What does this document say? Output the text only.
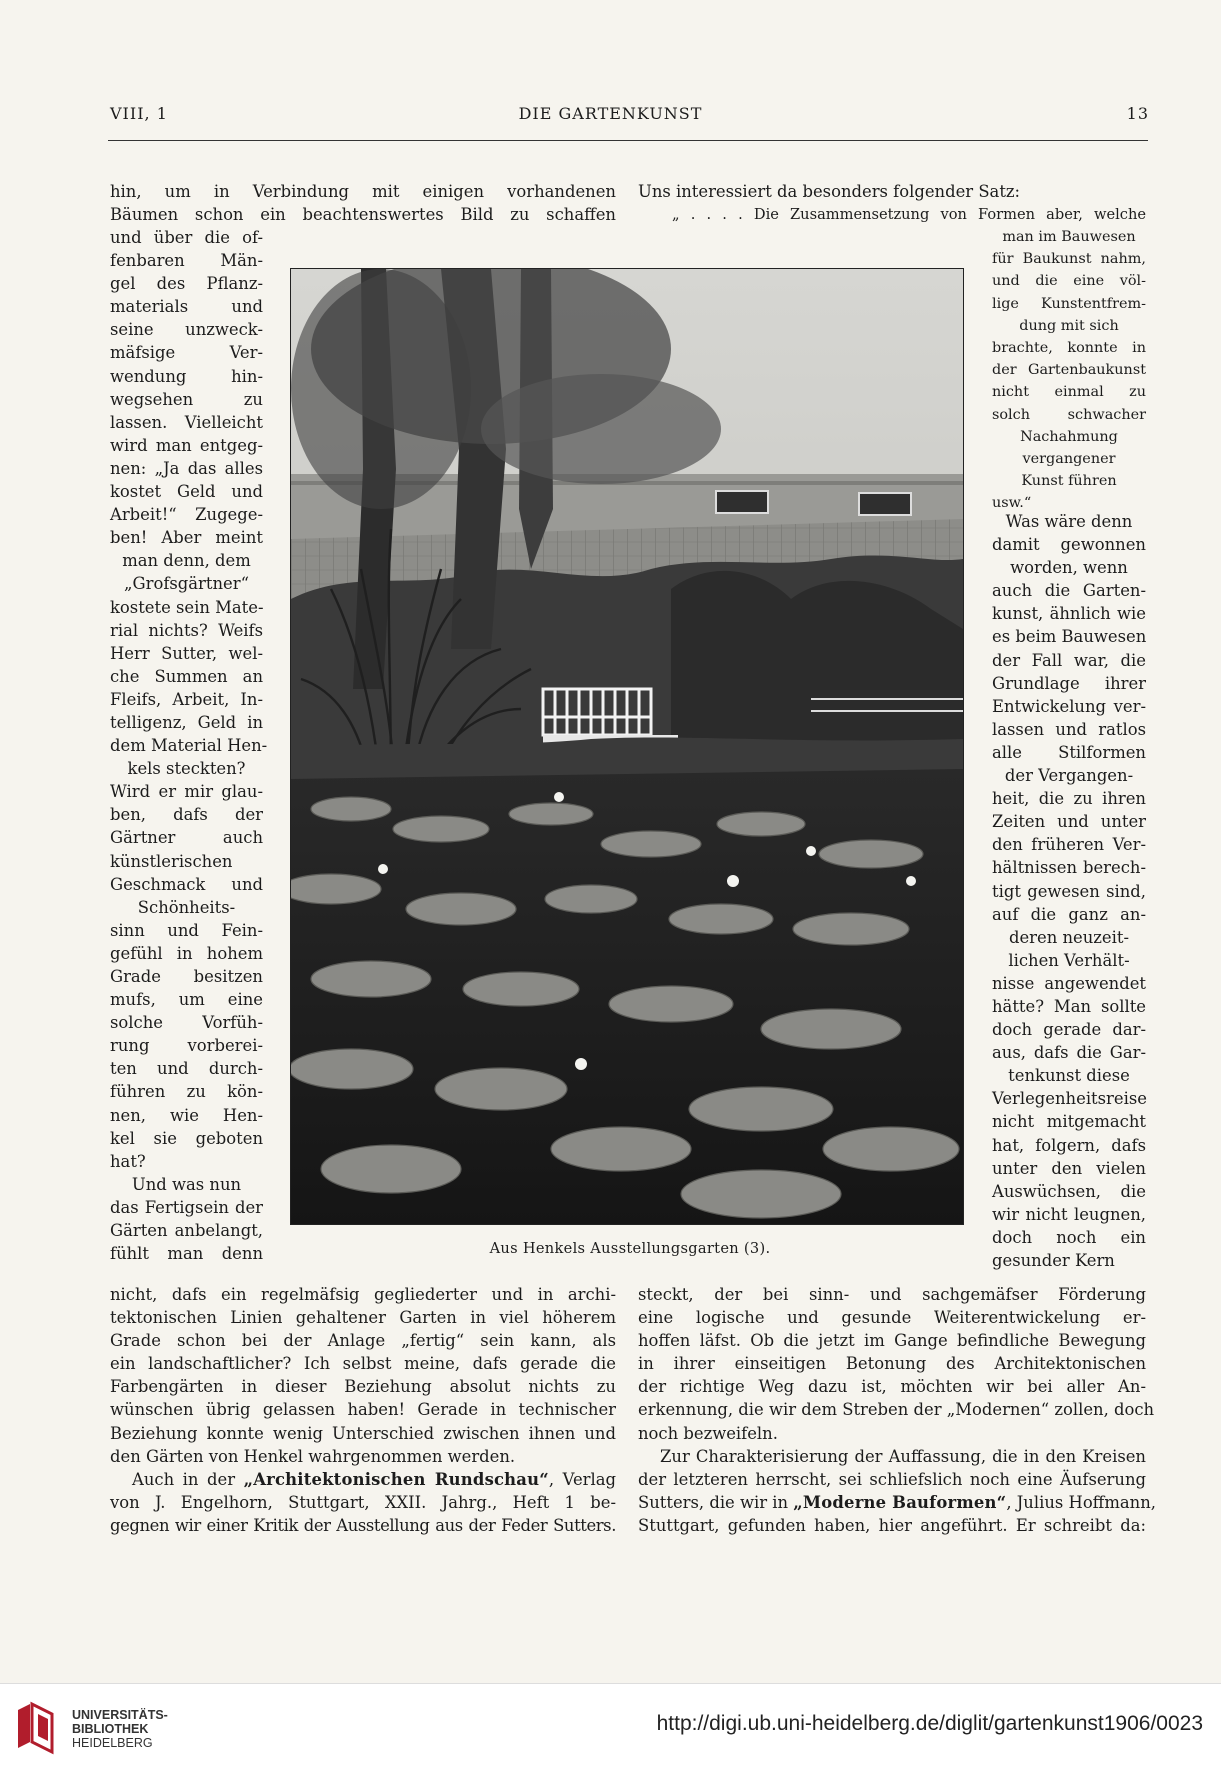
VIII, 1	DIE GARTENKUNST	13
hin, um in Verbindung mit einigen vorhandenen
Bäumen schon ein beachtenswertes Bild zu schaffen
und über die of-
fenbaren Män-
gel des Pflanz-
materials und
seine unzweck-
mäfsige Ver-
wendung hin-
wegsehen zu
lassen. Vielleicht
wird man entgeg-
nen: „Ja das alles
kostet Geld und
Arbeit!“ Zugege-
ben! Aber meint
man denn, dem
„Grofsgärtner“
kostete sein Mate-
rial nichts? Weifs
Herr Sutter, wel-
che Summen an
Fleifs, Arbeit, In-
telligenz, Geld in
dem Material Hen-
kels steckten?
Wird er mir glau-
ben, dafs der
Gärtner auch
künstlerischen
Geschmack und
Schönheits-
sinn und Fein-
gefühl in hohem
Grade besitzen
mufs, um eine
solche Vorfüh-
rung vorberei-
ten und durch-
führen zu kön-
nen, wie Hen-
kel sie geboten
hat?
Und was nun
das Fertigsein der
Gärten anbelangt,
fühlt man denn
nicht, dafs ein regelmäfsig gegliederter und in archi-
tektonischen Linien gehaltener Garten in viel höherem
Grade schon bei der Anlage „fertig“ sein kann, als
ein landschaftlicher? Ich selbst meine, dafs gerade die
Farbengärten in dieser Beziehung absolut nichts zu
wünschen übrig gelassen haben! Gerade in technischer
Beziehung konnte wenig Unterschied zwischen ihnen und
den Gärten von Henkel wahrgenommen werden.
Auch in der „Architektonischen Rundschau“, Verlag
von J. Engelhorn, Stuttgart, XXII. Jahrg., Heft 1 be-
gegnen wir einer Kritik der Ausstellung aus der Feder Sutters.
Uns interessiert da besonders folgender Satz:
„ . . . . Die Zusammensetzung von Formen aber, welche
man im Bauwesen
für Baukunst nahm,
und die eine völ-
lige Kunstentfrem-
dung mit sich
brachte, konnte in
der Gartenbaukunst
nicht einmal zu
solch schwacher
Nachahmung
vergangener
Kunst führen
usw.“
Was wäre denn
damit gewonnen
worden, wenn
auch die Garten-
kunst, ähnlich wie
es beim Bauwesen
der Fall war, die
Grundlage ihrer
Entwickelung ver-
lassen und ratlos
alle Stilformen
der Vergangen-
heit, die zu ihren
Zeiten und unter
den früheren Ver-
hältnissen berech-
tigt gewesen sind,
auf die ganz an-
deren neuzeit-
lichen Verhält-
nisse angewendet
hätte? Man sollte
doch gerade dar-
aus, dafs die Gar-
tenkunst diese
Verlegenheitsreise
nicht mitgemacht
hat, folgern, dafs
unter den vielen
Auswüchsen, die
wir nicht leugnen,
doch noch ein
gesunder Kern
steckt, der bei sinn- und sachgemäfser Förderung
eine logische und gesunde Weiterentwickelung er-
hoffen läfst. Ob die jetzt im Gange befindliche Bewegung
in ihrer einseitigen Betonung des Architektonischen
der richtige Weg dazu ist, möchten wir bei aller An-
erkennung, die wir dem Streben der „Modernen“ zollen, doch
noch bezweifeln.
Zur Charakterisierung der Auffassung, die in den Kreisen
der letzteren herrscht, sei schliefslich noch eine Äufserung
Sutters, die wir in „Moderne Bauformen“, Julius Hoffmann,
Stuttgart, gefunden haben, hier angeführt. Er schreibt da:
Aus Henkels Ausstellungsgarten (3).
UNIVERSITÄTS-
BIBLIOTHEK
HEIDELBERG
http://digi.ub.uni-heidelberg.de/diglit/gartenkunst1906/0023
